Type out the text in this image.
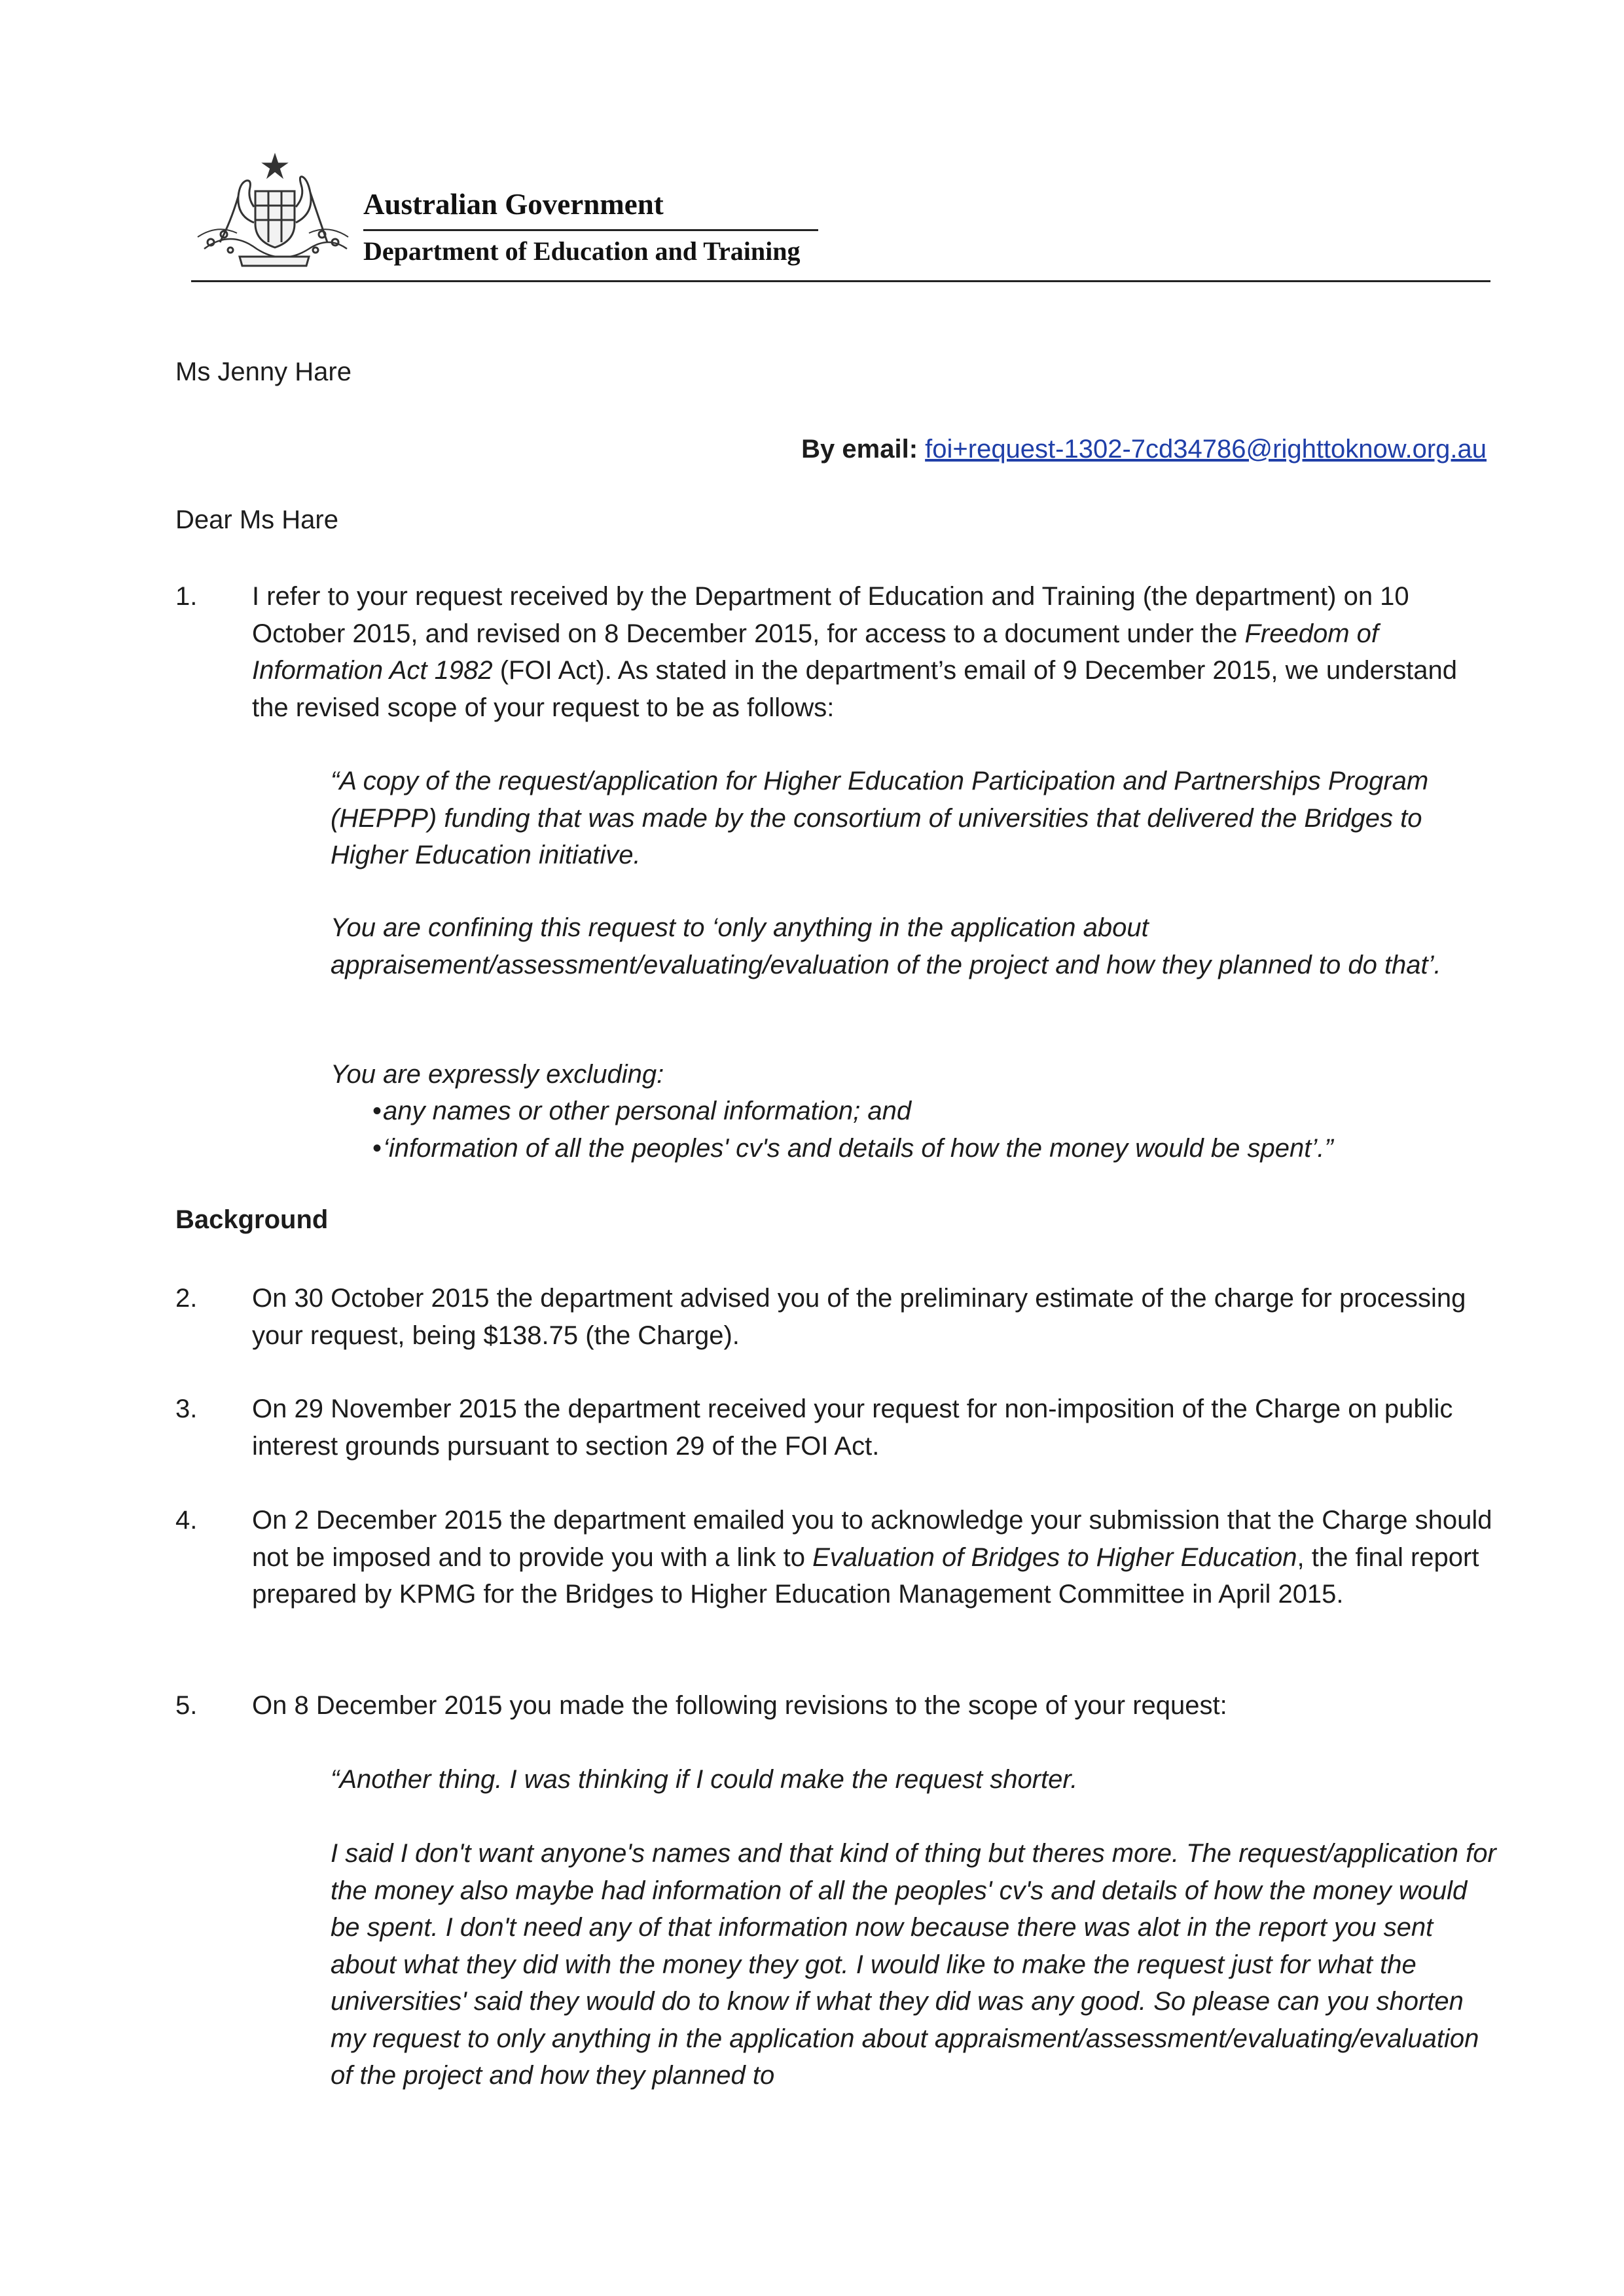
Australian Government
Department of Education and Training
Ms Jenny Hare
By email: foi+request-1302-7cd34786@righttoknow.org.au
Dear Ms Hare
1. I refer to your request received by the Department of Education and Training (the department) on 10 October 2015, and revised on 8 December 2015, for access to a document under the Freedom of Information Act 1982 (FOI Act). As stated in the department’s email of 9 December 2015, we understand the revised scope of your request to be as follows:
“A copy of the request/application for Higher Education Participation and Partnerships Program (HEPPP) funding that was made by the consortium of universities that delivered the Bridges to Higher Education initiative.
You are confining this request to ‘only anything in the application about appraisement/assessment/evaluating/evaluation of the project and how they planned to do that’.
You are expressly excluding:
• any names or other personal information; and
• ‘information of all the peoples' cv's and details of how the money would be spent’.”
Background
2. On 30 October 2015 the department advised you of the preliminary estimate of the charge for processing your request, being $138.75 (the Charge).
3. On 29 November 2015 the department received your request for non-imposition of the Charge on public interest grounds pursuant to section 29 of the FOI Act.
4. On 2 December 2015 the department emailed you to acknowledge your submission that the Charge should not be imposed and to provide you with a link to Evaluation of Bridges to Higher Education, the final report prepared by KPMG for the Bridges to Higher Education Management Committee in April 2015.
5. On 8 December 2015 you made the following revisions to the scope of your request:
“Another thing. I was thinking if I could make the request shorter.
I said I don't want anyone's names and that kind of thing but theres more. The request/application for the money also maybe had information of all the peoples' cv's and details of how the money would be spent. I don't need any of that information now because there was alot in the report you sent about what they did with the money they got. I would like to make the request just for what the universities' said they would do to know if what they did was any good. So please can you shorten my request to only anything in the application about appraisment/assessment/evaluating/evaluation of the project and how they planned to
